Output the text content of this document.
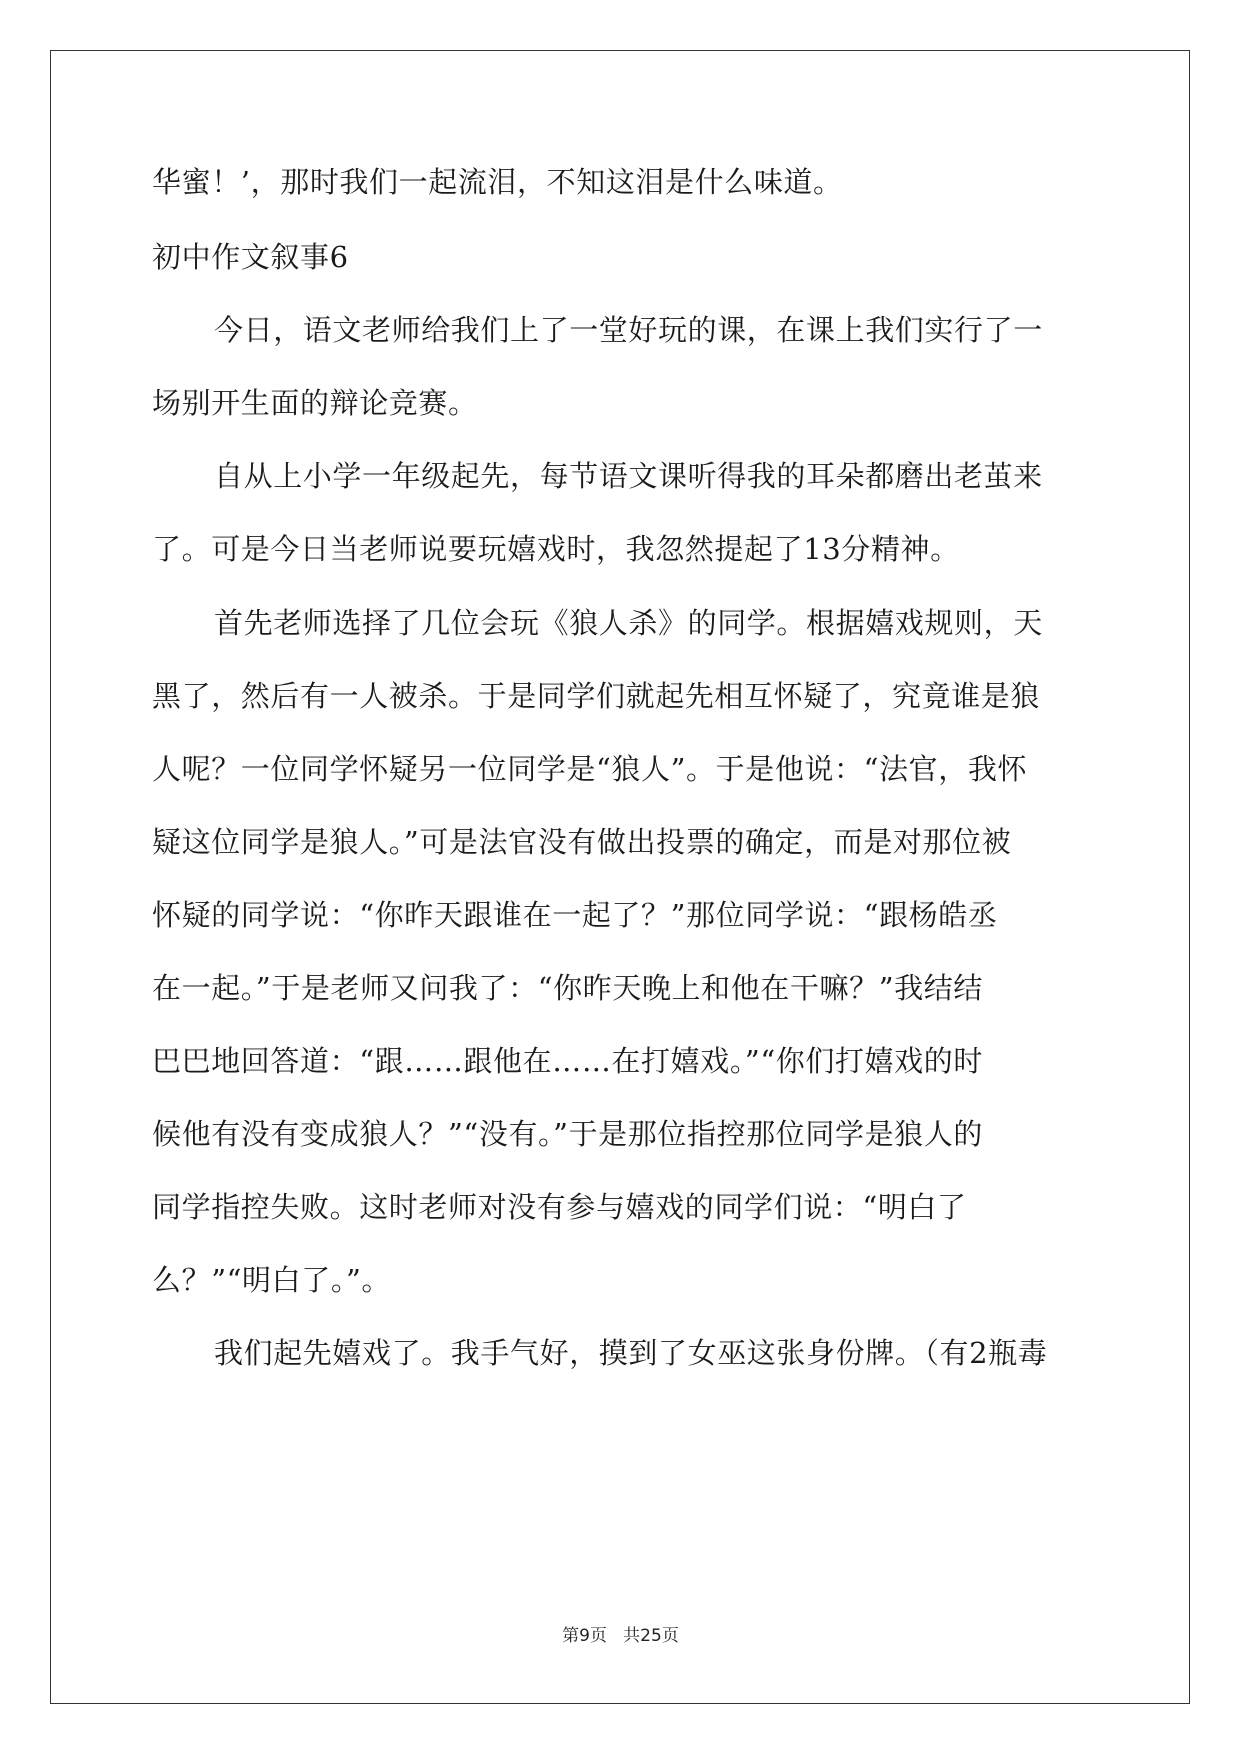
华蜜！’，那时我们一起流泪，不知这泪是什么味道。
初中作文叙事6
今日，语文老师给我们上了一堂好玩的课，在课上我们实行了一
场别开生面的辩论竞赛。
自从上小学一年级起先，每节语文课听得我的耳朵都磨出老茧来
了。可是今日当老师说要玩嬉戏时，我忽然提起了13分精神。
首先老师选择了几位会玩《狼人杀》的同学。根据嬉戏规则，天
黑了，然后有一人被杀。于是同学们就起先相互怀疑了，究竟谁是狼
人呢？一位同学怀疑另一位同学是“狼人”。于是他说：“法官，我怀
疑这位同学是狼人。”可是法官没有做出投票的确定，而是对那位被
怀疑的同学说：“你昨天跟谁在一起了？”那位同学说：“跟杨皓丞
在一起。”于是老师又问我了：“你昨天晚上和他在干嘛？”我结结
巴巴地回答道：“跟……跟他在……在打嬉戏。”“你们打嬉戏的时
候他有没有变成狼人？”“没有。”于是那位指控那位同学是狼人的
同学指控失败。这时老师对没有参与嬉戏的同学们说：“明白了
么？”“明白了。”。
我们起先嬉戏了。我手气好，摸到了女巫这张身份牌。（有2瓶毒
第9页   共25页
